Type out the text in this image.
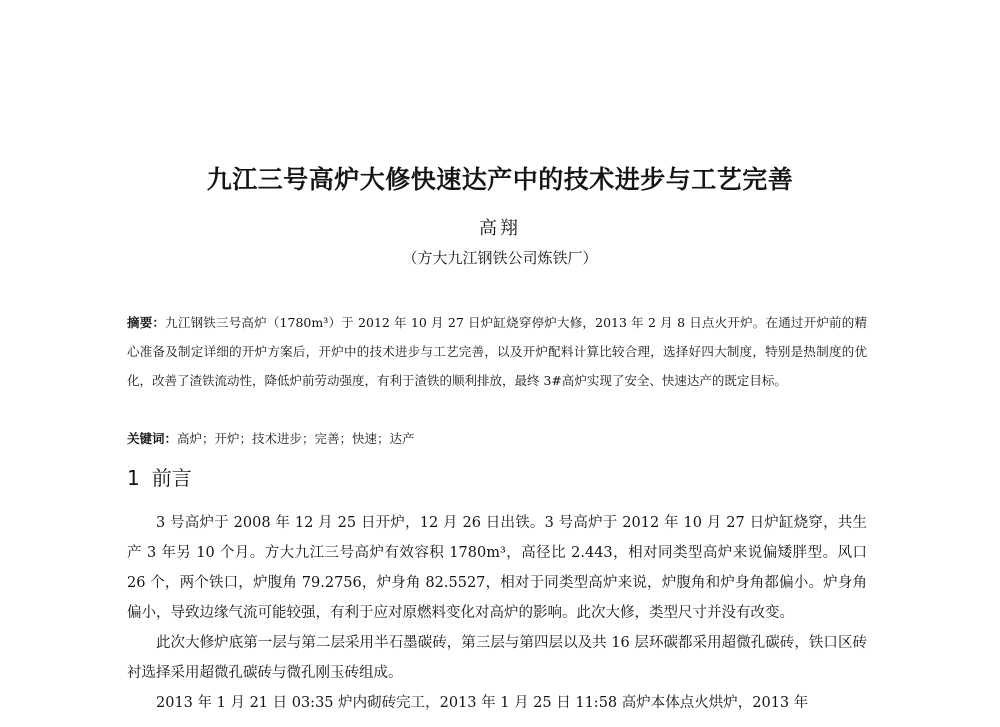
九江三号高炉大修快速达产中的技术进步与工艺完善
高翔
（方大九江钢铁公司炼铁厂）
摘要：九江钢铁三号高炉（1780m³）于 2012 年 10 月 27 日炉缸烧穿停炉大修，2013 年 2 月 8 日点火开炉。在通过开炉前的精心准备及制定详细的开炉方案后，开炉中的技术进步与工艺完善，以及开炉配料计算比较合理，选择好四大制度，特别是热制度的优化，改善了渣铁流动性，降低炉前劳动强度，有利于渣铁的顺利排放，最终 3#高炉实现了安全、快速达产的既定目标。
关键词：高炉；开炉；技术进步；完善；快速；达产
1 前言

3 号高炉于 2008 年 12 月 25 日开炉，12 月 26 日出铁。3 号高炉于 2012 年 10 月 27 日炉缸烧穿，共生产 3 年另 10 个月。方大九江三号高炉有效容积 1780m³，高径比 2.443，相对同类型高炉来说偏矮胖型。风口 26 个，两个铁口，炉腹角 79.2756，炉身角 82.5527，相对于同类型高炉来说，炉腹角和炉身角都偏小。炉身角偏小，导致边缘气流可能较强，有利于应对原燃料变化对高炉的影响。此次大修，类型尺寸并没有改变。

此次大修炉底第一层与第二层采用半石墨碳砖，第三层与第四层以及共 16 层环碳都采用超微孔碳砖，铁口区砖衬选择采用超微孔碳砖与微孔刚玉砖组成。

2013 年 1 月 21 日 03:35 炉内砌砖完工，2013 年 1 月 25 日 11:58 高炉本体点火烘炉，2013 年
